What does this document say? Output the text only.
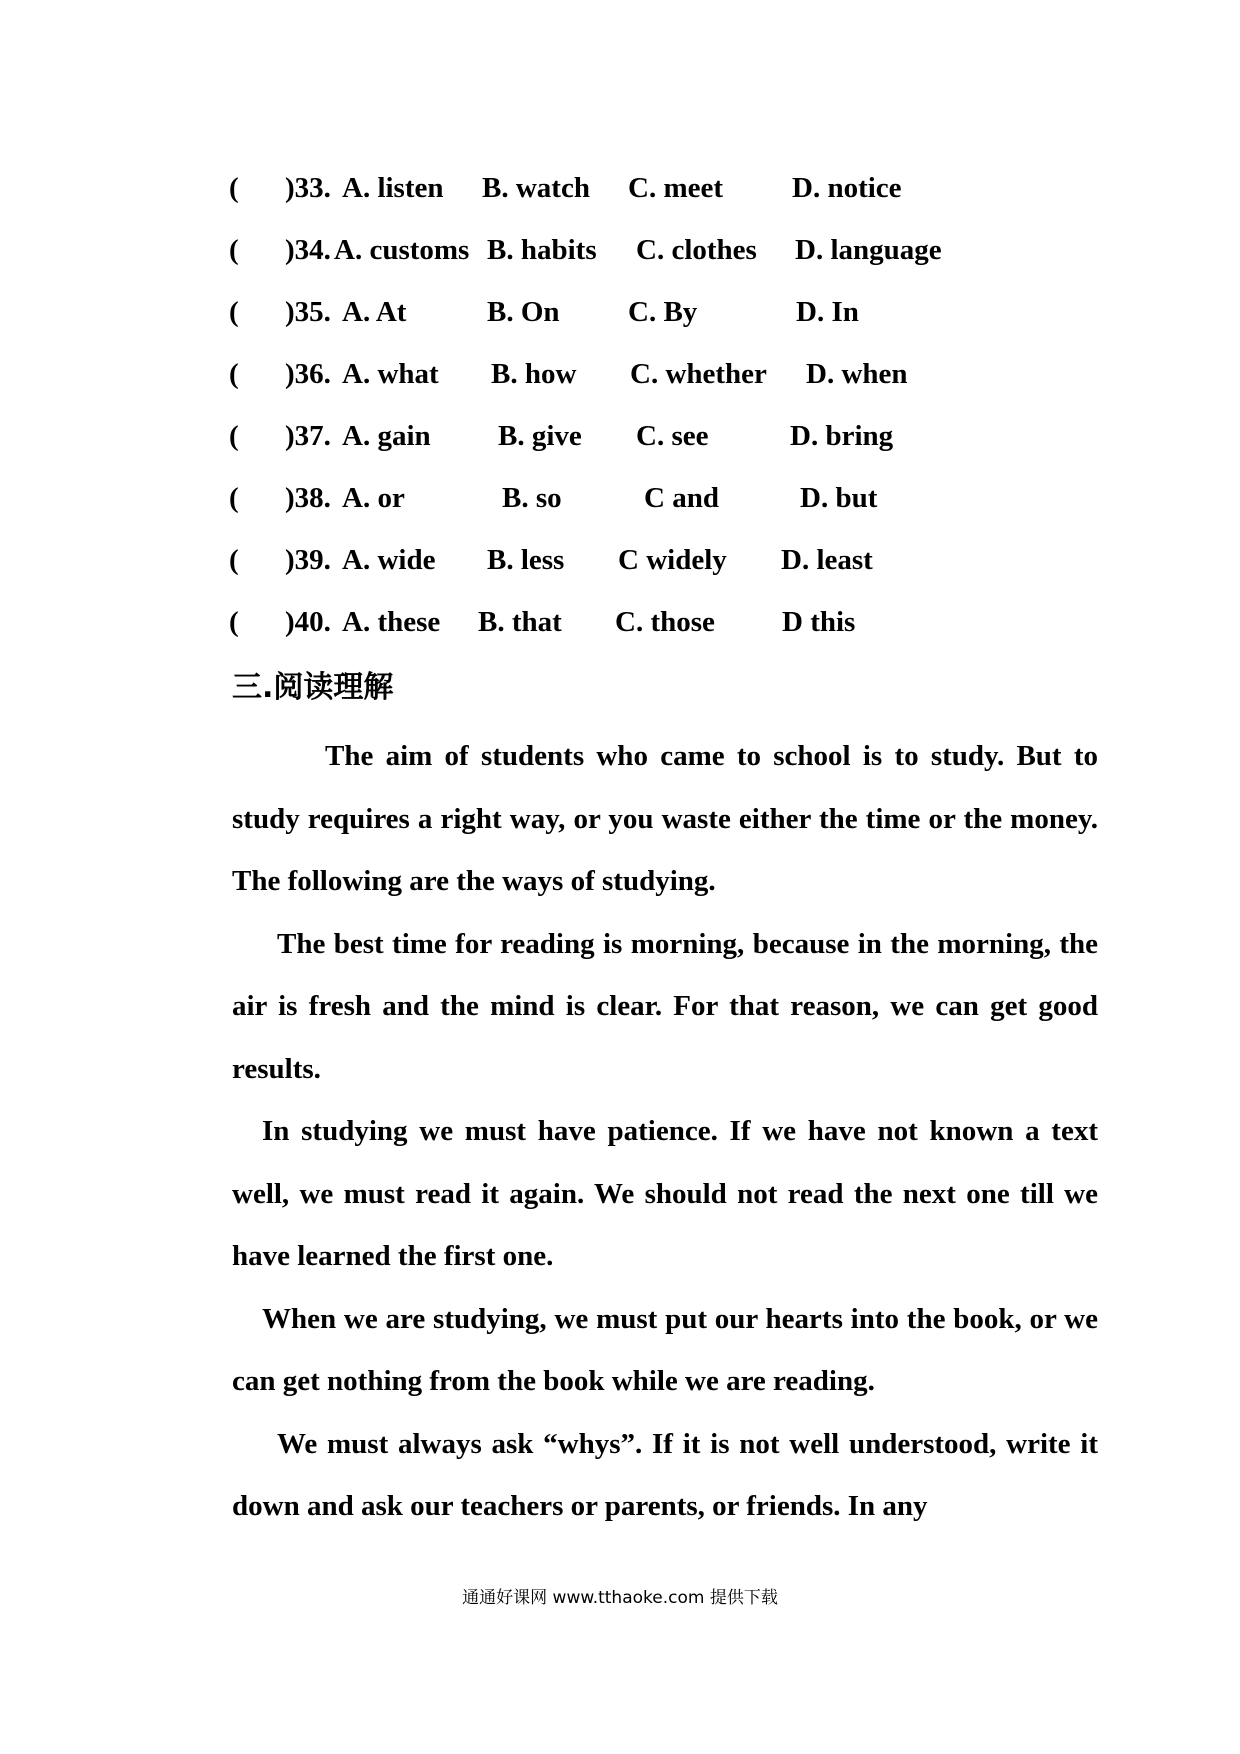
( )33. A. listen B. watch C. meet D. notice
( )34. A. customs B. habits C. clothes D. language
( )35. A. At	B. On C. By	D. In
( )36. A. what B. how C. whether D. when
( )37. A. gain B. give C. see	D. bring
( )38. A. or	B. so	C and	D. but
( )39. A. wide B. less C widely D. least
( )40. A. these B. that C. those D this
三.阅读理解

The aim of students who came to school is to study. But to study requires a right way, or you waste either the time or the money. The following are the ways of studying.

The best time for reading is morning, because in the morning, the air is fresh and the mind is clear. For that reason, we can get good results.

In studying we must have patience. If we have not known a text well, we must read it again. We should not read the next one till we have learned the first one.

When we are studying, we must put our hearts into the book, or we can get nothing from the book while we are reading.

We must always ask “whys”. If it is not well understood, write it down and ask our teachers or parents, or friends. In any

通通好课网 www.tthaoke.com 提供下载
